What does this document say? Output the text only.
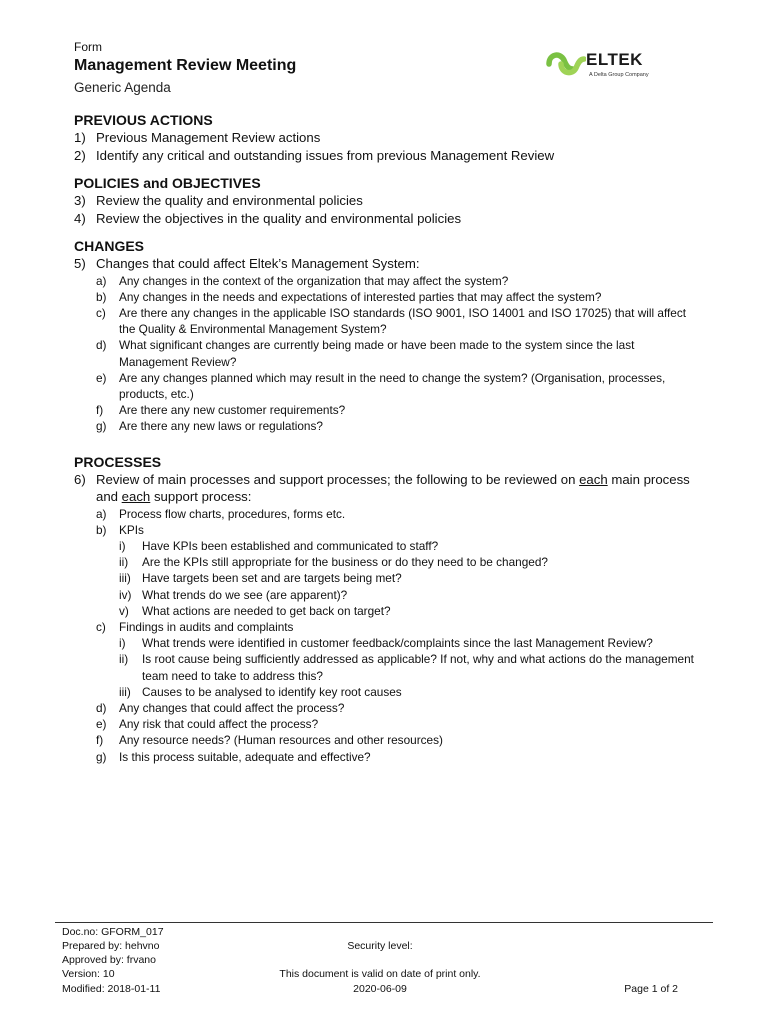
Form
Management Review Meeting
Generic Agenda
ELTEK
A Delta Group Company
PREVIOUS ACTIONS
1) Previous Management Review actions
2) Identify any critical and outstanding issues from previous Management Review
POLICIES and OBJECTIVES
3) Review the quality and environmental policies
4) Review the objectives in the quality and environmental policies
CHANGES
5) Changes that could affect Eltek’s Management System:
a)	Any changes in the context of the organization that may affect the system?
b)	Any changes in the needs and expectations of interested parties that may affect the system?
c)	Are there any changes in the applicable ISO standards (ISO 9001, ISO 14001 and ISO 17025) that will affect the Quality & Environmental Management System?
d)	What significant changes are currently being made or have been made to the system since the last Management Review?
e)	Are any changes planned which may result in the need to change the system? (Organisation, processes, products, etc.)
f)	Are there any new customer requirements?
g)	Are there any new laws or regulations?
PROCESSES
6) Review of main processes and support processes; the following to be reviewed on each main process and each support process:
a)	Process flow charts, procedures, forms etc.
b)	KPIs
i)	Have KPIs been established and communicated to staff?
ii)	Are the KPIs still appropriate for the business or do they need to be changed?
iii) Have targets been set and are targets being met?
iv) What trends do we see (are apparent)?
v)	What actions are needed to get back on target?
c)	Findings in audits and complaints
i)	What trends were identified in customer feedback/complaints since the last Management Review?
ii)	Is root cause being sufficiently addressed as applicable? If not, why and what actions do the management team need to take to address this?
iii) Causes to be analysed to identify key root causes
d)	Any changes that could affect the process?
e)	Any risk that could affect the process?
f)	Any resource needs? (Human resources and other resources)
g)	Is this process suitable, adequate and effective?
Doc.no: GFORM_017
Prepared by: hehvno
Approved by: frvano
Version: 10
Modified: 2018-01-11
Security level:
This document is valid on date of print only.
2020-06-09	Page 1 of 2
